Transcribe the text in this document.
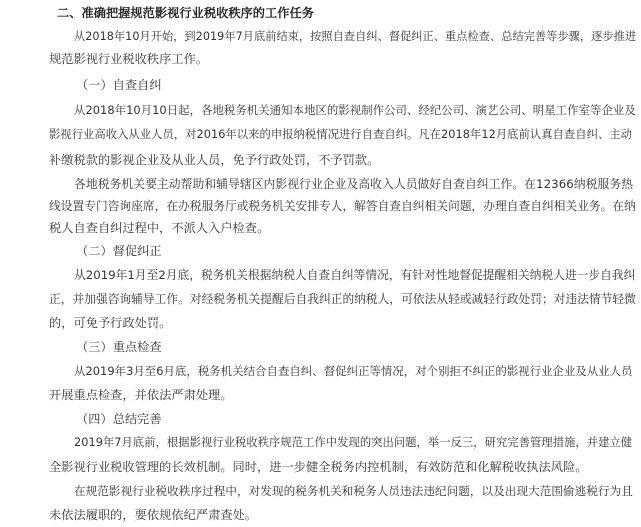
二、准确把握规范影视行业税收秩序的工作任务
从2018年10月开始，到2019年7月底前结束，按照自查自纠、督促纠正、重点检查、总结完善等步骤，逐步推进
规范影视行业税收秩序工作。
（一）自查自纠
从2018年10月10日起，各地税务机关通知本地区的影视制作公司、经纪公司、演艺公司、明星工作室等企业及
影视行业高收入从业人员，对2016年以来的申报纳税情况进行自查自纠。凡在2018年12月底前认真自查自纠、主动
补缴税款的影视企业及从业人员，免予行政处罚，不予罚款。
各地税务机关要主动帮助和辅导辖区内影视行业企业及高收入人员做好自查自纠工作。在12366纳税服务热
线设置专门咨询座席，在办税服务厅或税务机关安排专人，解答自查自纠相关问题，办理自查自纠相关业务。在纳
税人自查自纠过程中，不派人入户检查。
（二）督促纠正
从2019年1月至2月底，税务机关根据纳税人自查自纠等情况，有针对性地督促提醒相关纳税人进一步自我纠
正，并加强咨询辅导工作。对经税务机关提醒后自我纠正的纳税人，可依法从轻或减轻行政处罚；对违法情节轻微
的，可免予行政处罚。
（三）重点检查
从2019年3月至6月底，税务机关结合自查自纠、督促纠正等情况，对个别拒不纠正的影视行业企业及从业人员
开展重点检查，并依法严肃处理。
（四）总结完善
2019年7月底前，根据影视行业税收秩序规范工作中发现的突出问题，举一反三，研究完善管理措施，并建立健
全影视行业税收管理的长效机制。同时，进一步健全税务内控机制，有效防范和化解税收执法风险。
在规范影视行业税收秩序过程中，对发现的税务机关和税务人员违法违纪问题，以及出现大范围偷逃税行为且
未依法履职的，要依规依纪严肃查处。
